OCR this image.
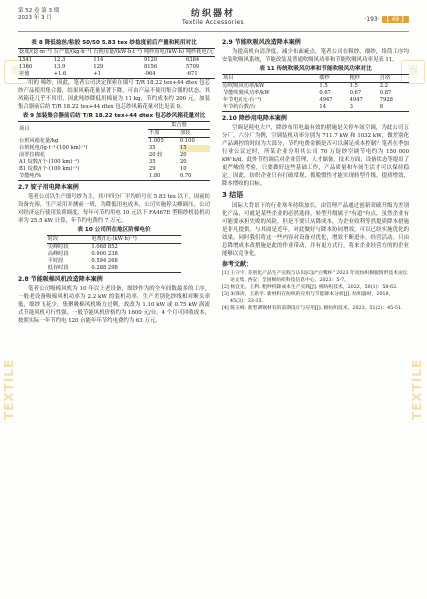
第 52 卷 第 3 期
2023 年 3 月	纺织器材
Textile Accessories	·193· 【 49 】
器
TEXTILE
器
TEXTILE
表 8 降低捻丝/粘胶 50/50 5.83 tex 纱捻度前后产量和耗用对比
捻度/(捻·m⁻¹)	台产量/(kg·h⁻¹)	台耗用量/(kW·h·t⁻¹)	吨纱用电/(kW·h)	吨纱耗电/元
1541	12.3	114	9120	6384
1360	13.9	129	8156	5709
差值	+1.6	+1	-964	-671

用的 棉纱，因此，笔者公司决定探索在细号 T/R 18.22 tex+44 dtex 包芯纱产品使用集合器，结果风箱花量显著下降，可由产品不使用集合器的状态，其风箱花几乎不用用，因此吨纱降低用棉量为 11 kg，节约成本约 200 元。加装集合器前后纺 T/R 18.22 tex+44 dtex 包芯纱风箱花量对比见表 9。

表 9 加装集合器前后纺 T/R 18.22 tex+44 dtex 包芯纱风箱花量对比
项目	集合器	
	不加	加装
台班风箱花量/kg	1.005	0.100
台班耗电/(g·t⁻¹·(100 km)⁻¹)	35	15
前罗拉棉花	20 较	20
A1 锭数/(个·(100 km)⁻¹)	35	20
B1 锭数/(个·(100 km)⁻¹)	29	10
节能吨/%	1.80	0.70
2.7 锭子用电降本案例

笔者公司以生产细号纱为主，其中四分厂平均纺号在 5.83 tex 以下，因前纺设备充裕，生产采用并测前一班，为降低用电成本，公司实施停尖峰调压，公司对经济运行使用负荷调度，每年可节约用电 10 元以下 FA467E 型粗纱机装机功率为 25.5 kW 计算，年节约电费约 7 万元。

表 10 公司所在地区阶梯电价
时段	电费/(元·(kW·h)⁻¹)
尖峰时段	1.068 852
高峰时段	0.900 238
平时段	0.594 268
低谷时段	0.288 298
2.8 节能吸棉风机改造降本案例

笔者公司吸棉风机为 10 年以上老设备，细纱作为的全车间数最多的工序，一般老设备吸棉风机功率为 2.2 kW 的装机功率，生产差别化纱线相对断头率低，细纱飞花少，集聚吸棉风机吸力过剩，故改为 1.10 kW 或 0.75 kW 涡流式节能风机可行性强。一般节能风机价格约为 1600 元/台，4 个月可回收成本，按照实际一年节约电 120 台能年年节约电费约为 63 万元。

2.9 节能吹吸风改造降本案例

为提高机台清净度，减少布面疵点，笔者公司在粗纱，细纱，络筒工序均安装吹吸风系统，节能改装及普通吹吸风功率和节能吹吸风功率见表 11。

表 11 传统吹吸风功率和节能吹吸风功率对比
项目	细纱	粗纱	自络
原吹吸风功率/kW	1.5	1.5	2.2
节能吹吸风功率/kW	0.67	0.67	0.87
年节电/(元·台⁻¹)	4947	4947	7928
年节约台数/台	14	3	8
2.10 降纱用电降本案例

空调是耗电大户，降纱布用电最有效的措施是关停车间空调，为此公司五分厂，六分厂为例，空调装机功率分别为 711.7 kW 和 1032 kW，做差别化产品调控的时间为大部分，节约电费金额是否可以满足成本控制？笔者在季加行业公议过时，所某企业分用其公司 70 万锭纱空调节电约为 150 000 kW·h/d，此外节约调后对企业管理、人才储备，技术方面，设备状态等提出了更严峻的考验，只要做好这些基础工作，产品质量和车间生活才可以保持稳定。因此，纺织企业只有打破常规，拨脱惯性才能实现转型升级，提质增效，降本增收的目标。

3 结语

国际大背景下的行业寒冬持续加长，由管理产品通过创新突破升级为差别化产品，可就是某些企业的必然选择，转型升级属于"有道"有点，虽然企业有可能要承担失败的风险，但是不要只从降成本，为企业收利等然提质降本措施是非凡提供。与其面是近年，对此做好与降本协同增效，可以已经实施优化的效果，同时我们将这一些内容对设备对优化，增效不断进步，经营活动。只由总降增成本改措施是此的作业带动，并有更方式行，将来企业经营方的的企业能够以竞争化。

参考文献：
[1] 王守宇. 差别化产品生产实践与认识[C]//"白鹭杯" 2023 年度纺织棉服情形技术论坛论文集. 西安：全国棉纺织科技信息中心，2023：5-7。
[2] 杨宜先，王利. 粗纱机降成本生产实践[J]. 棉纺织技术，2022，50(1)：58-62.
[3] 朱锋涛，王新平. 新材料在纺织的应用与节能降本分析[J]. 纺织器材，2018，45(3)：33-35.
[4] 陈玉峰. 新型调钢材有的前期设计与应用[J]. 棉纺织技术，2023，51(2)：45-51.
